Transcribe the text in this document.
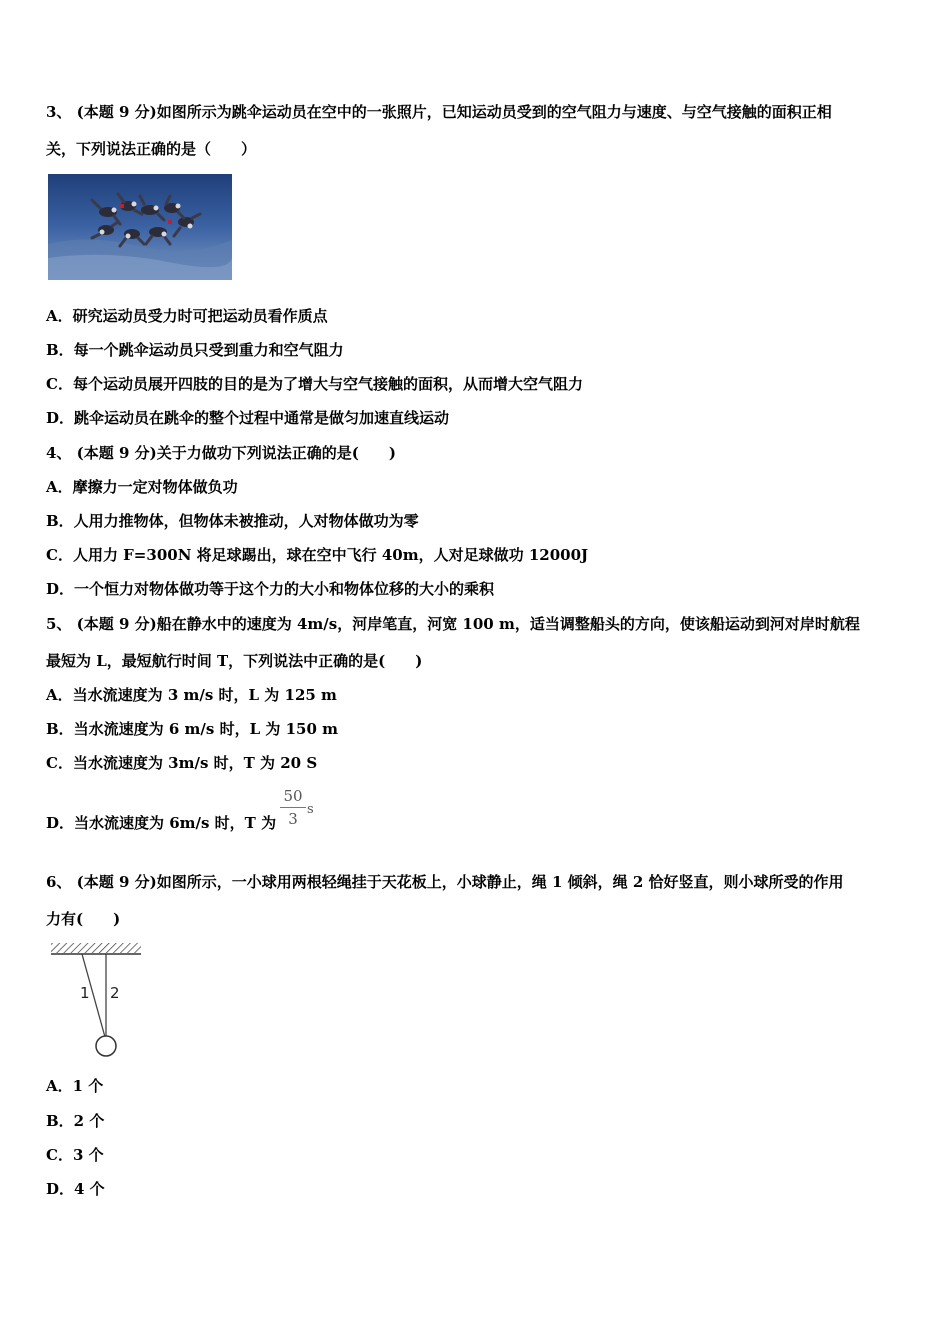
3、 (本题 9 分)如图所示为跳伞运动员在空中的一张照片，已知运动员受到的空气阻力与速度、与空气接触的面积正相
关，下列说法正确的是（　　）
A．研究运动员受力时可把运动员看作质点
B．每一个跳伞运动员只受到重力和空气阻力
C．每个运动员展开四肢的目的是为了增大与空气接触的面积，从而增大空气阻力
D．跳伞运动员在跳伞的整个过程中通常是做匀加速直线运动
4、 (本题 9 分)关于力做功下列说法正确的是(　　)
A．摩擦力一定对物体做负功
B．人用力推物体，但物体未被推动，人对物体做功为零
C．人用力 F=300N 将足球踢出，球在空中飞行 40m，人对足球做功 12000J
D．一个恒力对物体做功等于这个力的大小和物体位移的大小的乘积
5、 (本题 9 分)船在静水中的速度为 4m/s，河岸笔直，河宽 100 m，适当调整船头的方向，使该船运动到河对岸时航程
最短为 L，最短航行时间 T，下列说法中正确的是(　　)
A．当水流速度为 3 m/s 时，L 为 125 m
B．当水流速度为 6 m/s 时，L 为 150 m
C．当水流速度为 3m/s 时，T 为 20 S
D．当水流速度为 6m/s 时，T 为
50
3
s
6、 (本题 9 分)如图所示，一小球用两根轻绳挂于天花板上，小球静止，绳 1 倾斜，绳 2 恰好竖直，则小球所受的作用
力有(　　)
1 2
A．1 个
B．2 个
C．3 个
D．4 个
